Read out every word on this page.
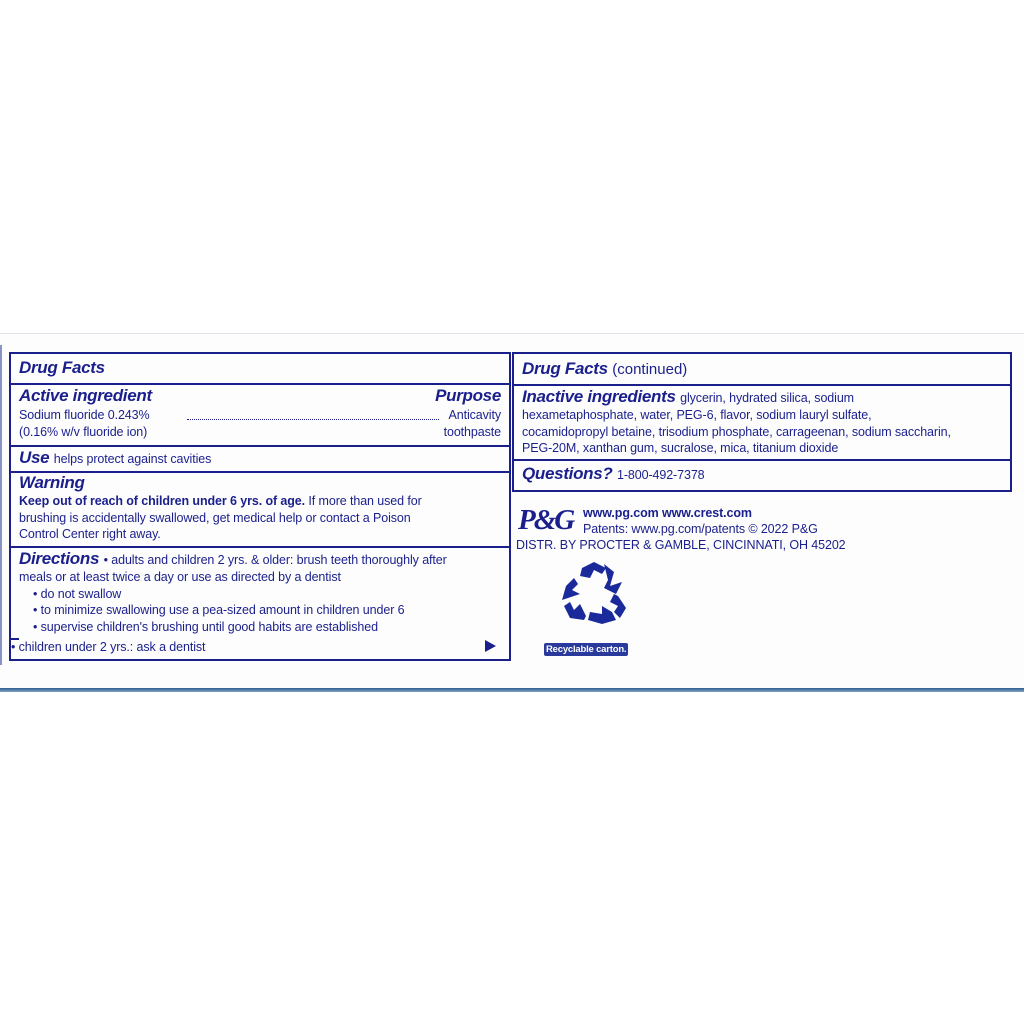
Drug Facts
Active ingredient	Purpose
Sodium fluoride 0.243%	Anticavity
(0.16% w/v fluoride ion)	toothpaste
Use helps protect against cavities
Warning
Keep out of reach of children under 6 yrs. of age. If more than used for
brushing is accidentally swallowed, get medical help or contact a Poison
Control Center right away.
Directions • adults and children 2 yrs. & older: brush teeth thoroughly after
meals or at least twice a day or use as directed by a dentist
• do not swallow
• to minimize swallowing use a pea-sized amount in children under 6
• supervise children's brushing until good habits are established
• children under 2 yrs.: ask a dentist
Drug Facts (continued)
Inactive ingredients glycerin, hydrated silica, sodium
hexametaphosphate, water, PEG-6, flavor, sodium lauryl sulfate,
cocamidopropyl betaine, trisodium phosphate, carrageenan, sodium saccharin,
PEG-20M, xanthan gum, sucralose, mica, titanium dioxide
Questions? 1-800-492-7378
P&G www.pg.com www.crest.com
Patents: www.pg.com/patents © 2022 P&G
DISTR. BY PROCTER & GAMBLE, CINCINNATI, OH 45202
Recyclable carton.
